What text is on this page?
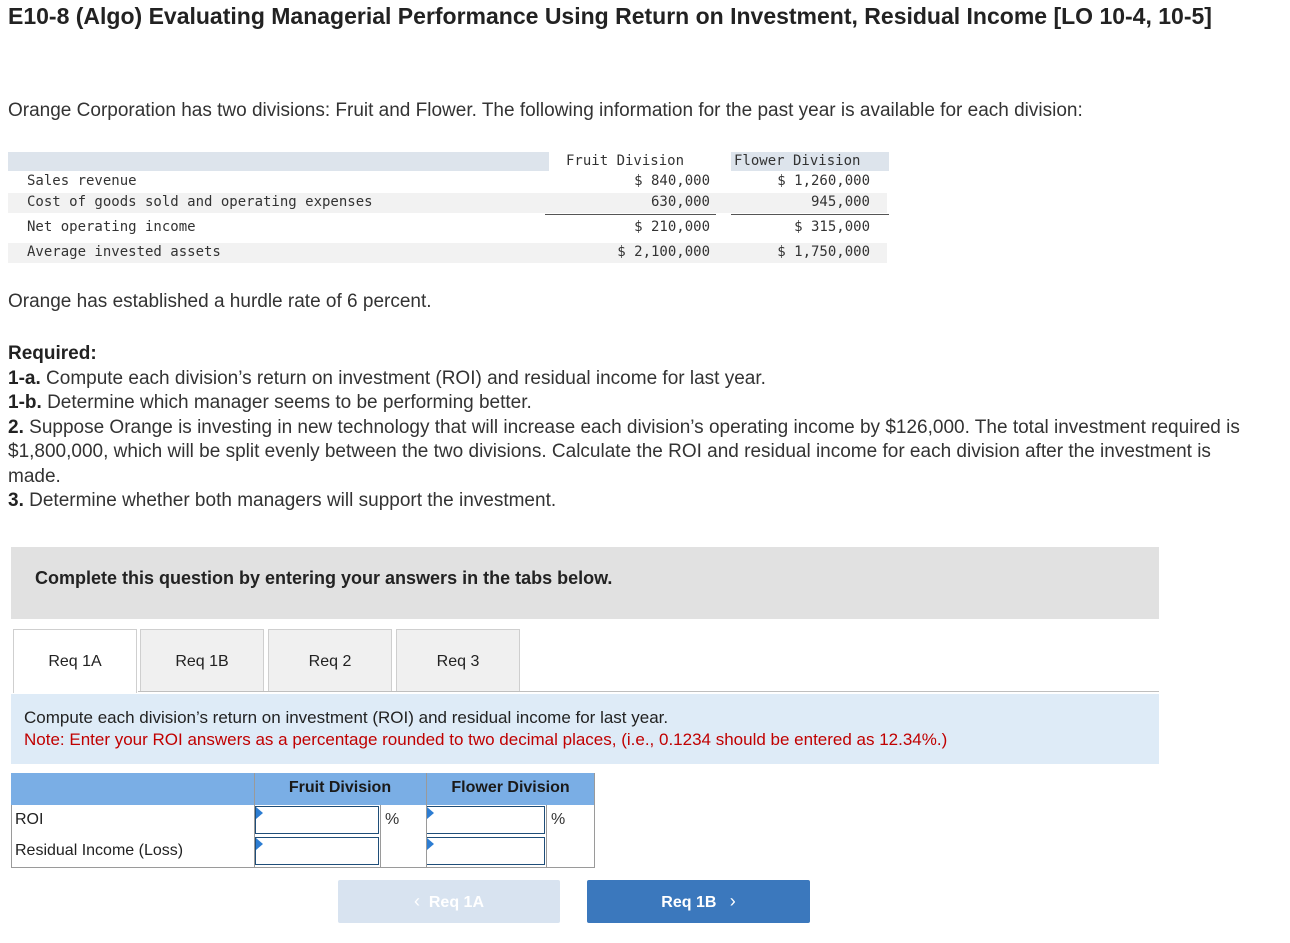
E10-8 (Algo) Evaluating Managerial Performance Using Return on Investment, Residual Income [LO 10-4, 10-5]
Orange Corporation has two divisions: Fruit and Flower. The following information for the past year is available for each division:
Fruit Division	Flower Division
Sales revenue	$ 840,000	$ 1,260,000
Cost of goods sold and operating expenses	630,000	945,000
Net operating income	$ 210,000	$ 315,000
Average invested assets	$ 2,100,000	$ 1,750,000
Orange has established a hurdle rate of 6 percent.
Required:
1-a. Compute each division’s return on investment (ROI) and residual income for last year.
1-b. Determine which manager seems to be performing better.
2. Suppose Orange is investing in new technology that will increase each division’s operating income by $126,000. The total investment required is $1,800,000, which will be split evenly between the two divisions. Calculate the ROI and residual income for each division after the investment is made.
3. Determine whether both managers will support the investment.
Complete this question by entering your answers in the tabs below.
Req 1A	Req 1B	Req 2	Req 3
Compute each division’s return on investment (ROI) and residual income for last year.
Note: Enter your ROI answers as a percentage rounded to two decimal places, (i.e., 0.1234 should be entered as 12.34%.)
Fruit Division	Flower Division
ROI	%	%
Residual Income (Loss)
‹ Req 1A	Req 1B ›
